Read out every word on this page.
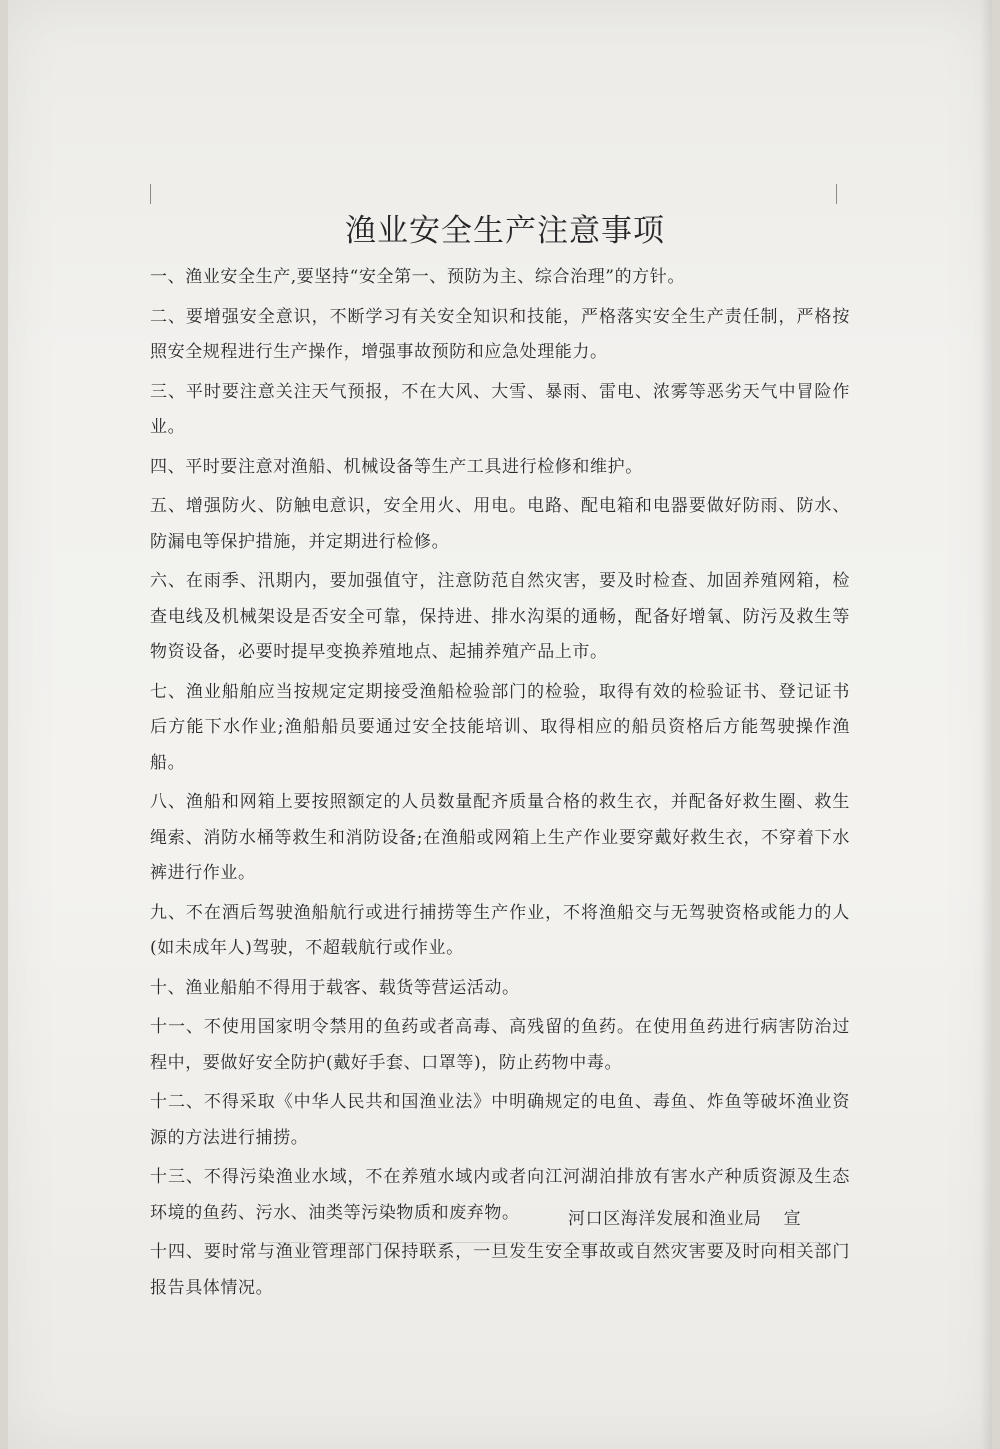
渔业安全生产注意事项

一、渔业安全生产,要坚持“安全第一、预防为主、综合治理”的方针。

二、要增强安全意识，不断学习有关安全知识和技能，严格落实安全生产责任制，严格按照安全规程进行生产操作，增强事故预防和应急处理能力。

三、平时要注意关注天气预报，不在大风、大雪、暴雨、雷电、浓雾等恶劣天气中冒险作业。

四、平时要注意对渔船、机械设备等生产工具进行检修和维护。

五、增强防火、防触电意识，安全用火、用电。电路、配电箱和电器要做好防雨、防水、防漏电等保护措施，并定期进行检修。

六、在雨季、汛期内，要加强值守，注意防范自然灾害，要及时检查、加固养殖网箱，检查电线及机械架设是否安全可靠，保持进、排水沟渠的通畅，配备好增氧、防污及救生等物资设备，必要时提早变换养殖地点、起捕养殖产品上市。

七、渔业船舶应当按规定定期接受渔船检验部门的检验，取得有效的检验证书、登记证书后方能下水作业;渔船船员要通过安全技能培训、取得相应的船员资格后方能驾驶操作渔船。

八、渔船和网箱上要按照额定的人员数量配齐质量合格的救生衣，并配备好救生圈、救生绳索、消防水桶等救生和消防设备;在渔船或网箱上生产作业要穿戴好救生衣，不穿着下水裤进行作业。

九、不在酒后驾驶渔船航行或进行捕捞等生产作业，不将渔船交与无驾驶资格或能力的人(如未成年人)驾驶，不超载航行或作业。

十、渔业船舶不得用于载客、载货等营运活动。

十一、不使用国家明令禁用的鱼药或者高毒、高残留的鱼药。在使用鱼药进行病害防治过程中，要做好安全防护(戴好手套、口罩等)，防止药物中毒。

十二、不得采取《中华人民共和国渔业法》中明确规定的电鱼、毒鱼、炸鱼等破坏渔业资源的方法进行捕捞。

十三、不得污染渔业水域，不在养殖水域内或者向江河湖泊排放有害水产种质资源及生态环境的鱼药、污水、油类等污染物质和废弃物。

十四、要时常与渔业管理部门保持联系，一旦发生安全事故或自然灾害要及时向相关部门报告具体情况。

河口区海洋发展和渔业局 宣
